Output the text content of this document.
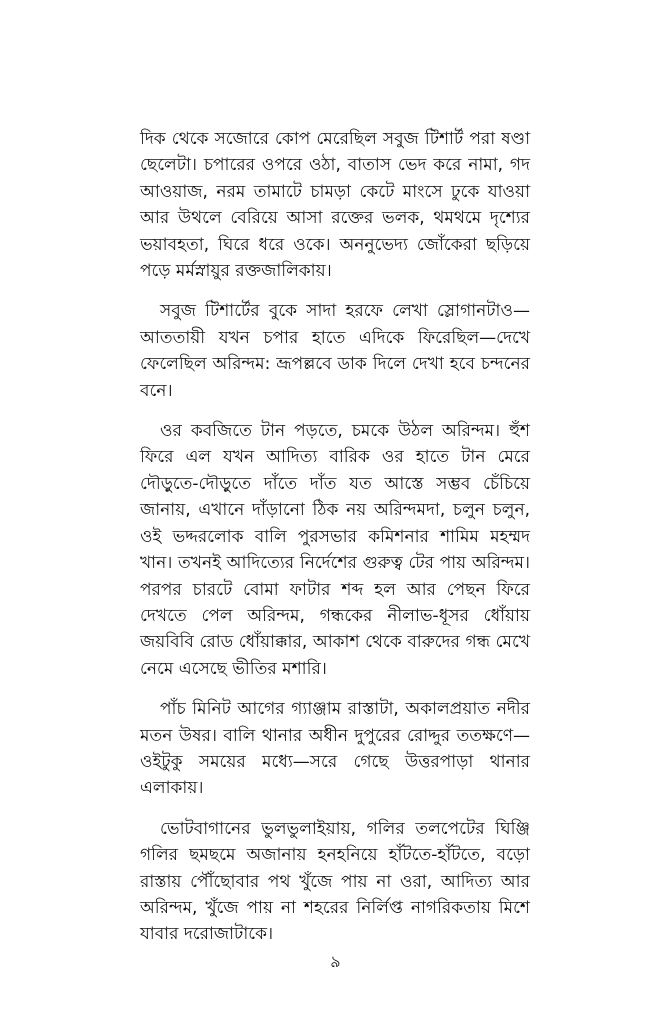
দিক থেকে সজোরে কোপ মেরেছিল সবুজ টিশার্ট পরা ষণ্ডা ছেলেটা। চপারের ওপরে ওঠা, বাতাস ভেদ করে নামা, গদ আওয়াজ, নরম তামাটে চামড়া কেটে মাংসে ঢুকে যাওয়া আর উথলে বেরিয়ে আসা রক্তের ভলক, থমথমে দৃশ্যের ভয়াবহতা, ঘিরে ধরে ওকে। অননুভেদ্য জোঁকেরা ছড়িয়ে পড়ে মর্মস্নায়ুর রক্তজালিকায়।

সবুজ টিশার্টের বুকে সাদা হরফে লেখা স্লোগানটাও—আততায়ী যখন চপার হাতে এদিকে ফিরেছিল—দেখে ফেলেছিল অরিন্দম: ভ্রূপল্লবে ডাক দিলে দেখা হবে চন্দনের বনে।

ওর কবজিতে টান পড়তে, চমকে উঠল অরিন্দম। হুঁশ ফিরে এল যখন আদিত্য বারিক ওর হাতে টান মেরে দৌড়ুতে-দৌড়ুতে দাঁতে দাঁত যত আস্তে সম্ভব চেঁচিয়ে জানায়, এখানে দাঁড়ানো ঠিক নয় অরিন্দমদা, চলুন চলুন, ওই ভদ্দরলোক বালি পুরসভার কমিশনার শামিম মহম্মদ খান। তখনই আদিত্যের নির্দেশের গুরুত্ব টের পায় অরিন্দম। পরপর চারটে বোমা ফাটার শব্দ হল আর পেছন ফিরে দেখতে পেল অরিন্দম, গন্ধকের নীলাভ-ধূসর ধোঁয়ায় জয়বিবি রোড ধোঁয়াক্কার, আকাশ থেকে বারুদের গন্ধ মেখে নেমে এসেছে ভীতির মশারি।

পাঁচ মিনিট আগের গ্যাঞ্জাম রাস্তাটা, অকালপ্রয়াত নদীর মতন উষর। বালি থানার অধীন দুপুরের রোদ্দুর ততক্ষণে—ওইটুকু সময়ের মধ্যে—সরে গেছে উত্তরপাড়া থানার এলাকায়।

ভোটবাগানের ভুলভুলাইয়ায়, গলির তলপেটের ঘিঞ্জি গলির ছমছমে অজানায় হনহনিয়ে হাঁটতে-হাঁটতে, বড়ো রাস্তায় পৌঁছোবার পথ খুঁজে পায় না ওরা, আদিত্য আর অরিন্দম, খুঁজে পায় না শহরের নির্লিপ্ত নাগরিকতায় মিশে যাবার দরোজাটাকে।

৯
